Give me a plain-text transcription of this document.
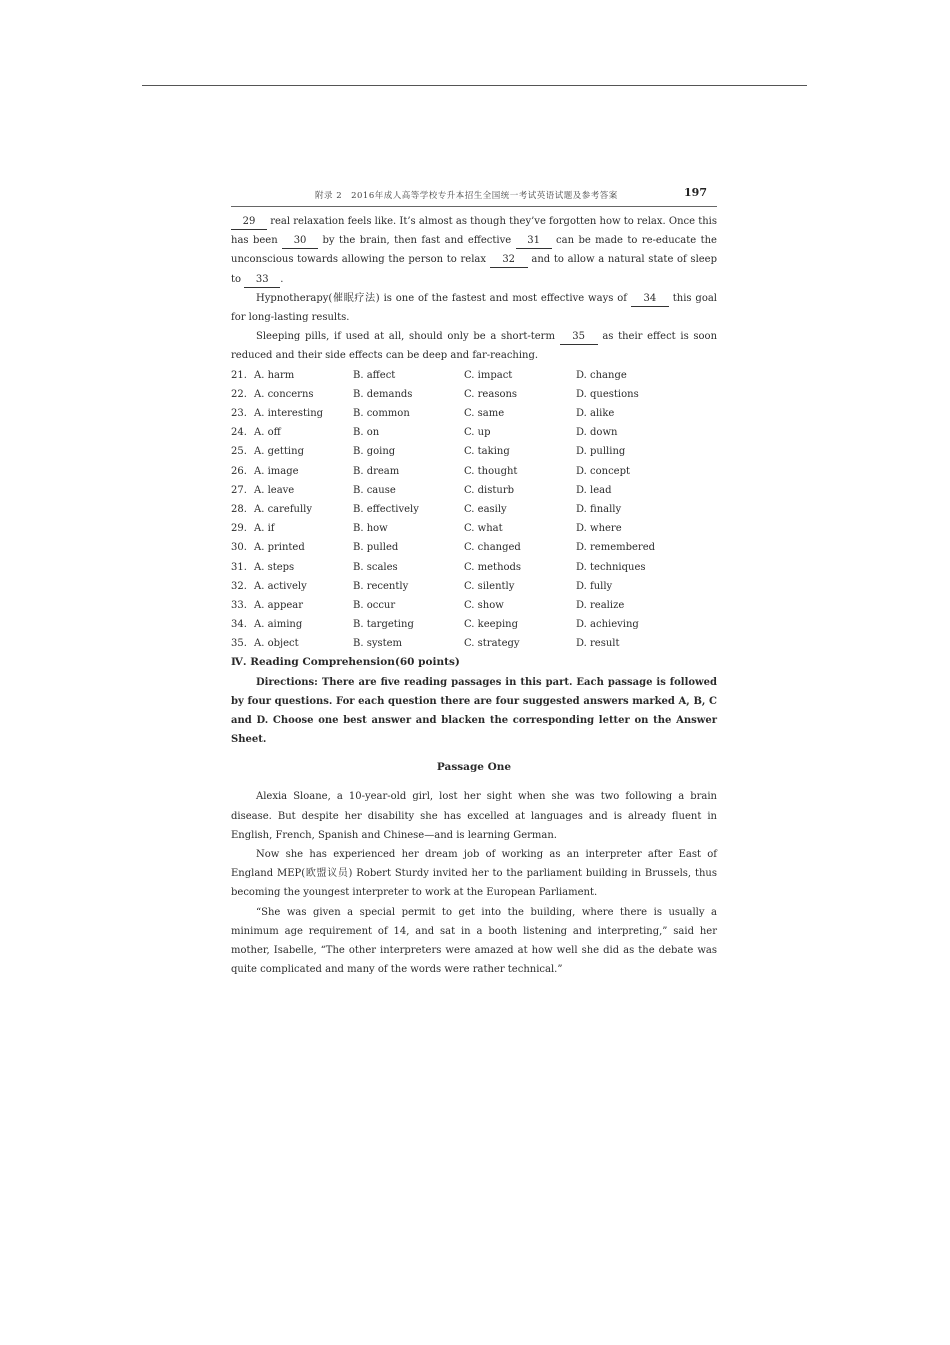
附录 2　2016年成人高等学校专升本招生全国统一考试英语试题及参考答案	197

29 real relaxation feels like. It’s almost as though they’ve forgotten how to relax. Once this has been 30 by the brain, then fast and effective 31 can be made to re-educate the unconscious towards allowing the person to relax 32 and to allow a natural state of sleep to 33 .

Hypnotherapy(催眠疗法) is one of the fastest and most effective ways of 34 this goal for long-lasting results.

Sleeping pills, if used at all, should only be a short-term 35 as their effect is soon reduced and their side effects can be deep and far-reaching.

21. A. harm	B. affect	C. impact	D. change
22. A. concerns	B. demands	C. reasons	D. questions
23. A. interesting	B. common	C. same	D. alike
24. A. off	B. on	C. up	D. down
25. A. getting	B. going	C. taking	D. pulling
26. A. image	B. dream	C. thought	D. concept
27. A. leave	B. cause	C. disturb	D. lead
28. A. carefully	B. effectively	C. easily	D. finally
29. A. if	B. how	C. what	D. where
30. A. printed	B. pulled	C. changed	D. remembered
31. A. steps	B. scales	C. methods	D. techniques
32. A. actively	B. recently	C. silently	D. fully
33. A. appear	B. occur	C. show	D. realize
34. A. aiming	B. targeting	C. keeping	D. achieving
35. A. object	B. system	C. strategy	D. result

Ⅳ. Reading Comprehension(60 points)

Directions: There are five reading passages in this part. Each passage is followed by four questions. For each question there are four suggested answers marked A, B, C and D. Choose one best answer and blacken the corresponding letter on the Answer Sheet.

Passage One

Alexia Sloane, a 10-year-old girl, lost her sight when she was two following a brain disease. But despite her disability she has excelled at languages and is already fluent in English, French, Spanish and Chinese—and is learning German.

Now she has experienced her dream job of working as an interpreter after East of England MEP(欧盟议员) Robert Sturdy invited her to the parliament building in Brussels, thus becoming the youngest interpreter to work at the European Parliament.

“She was given a special permit to get into the building, where there is usually a minimum age requirement of 14, and sat in a booth listening and interpreting,” said her mother, Isabelle, “The other interpreters were amazed at how well she did as the debate was quite complicated and many of the words were rather technical.”
